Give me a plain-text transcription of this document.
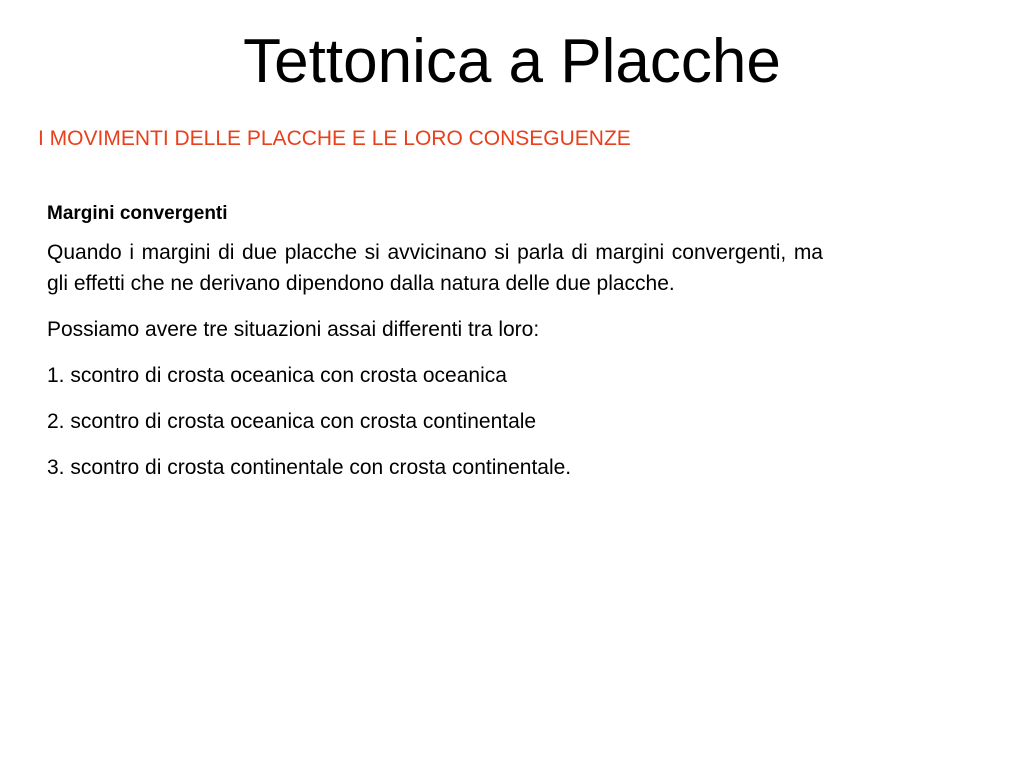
Tettonica a Placche

I MOVIMENTI DELLE PLACCHE E LE LORO CONSEGUENZE

Margini convergenti

Quando i margini di due placche si avvicinano si parla di margini convergenti, ma gli effetti che ne derivano dipendono dalla natura delle due placche.

Possiamo avere tre situazioni assai differenti tra loro:

1. scontro di crosta oceanica con crosta oceanica

2. scontro di crosta oceanica con crosta continentale

3. scontro di crosta continentale con crosta continentale.
